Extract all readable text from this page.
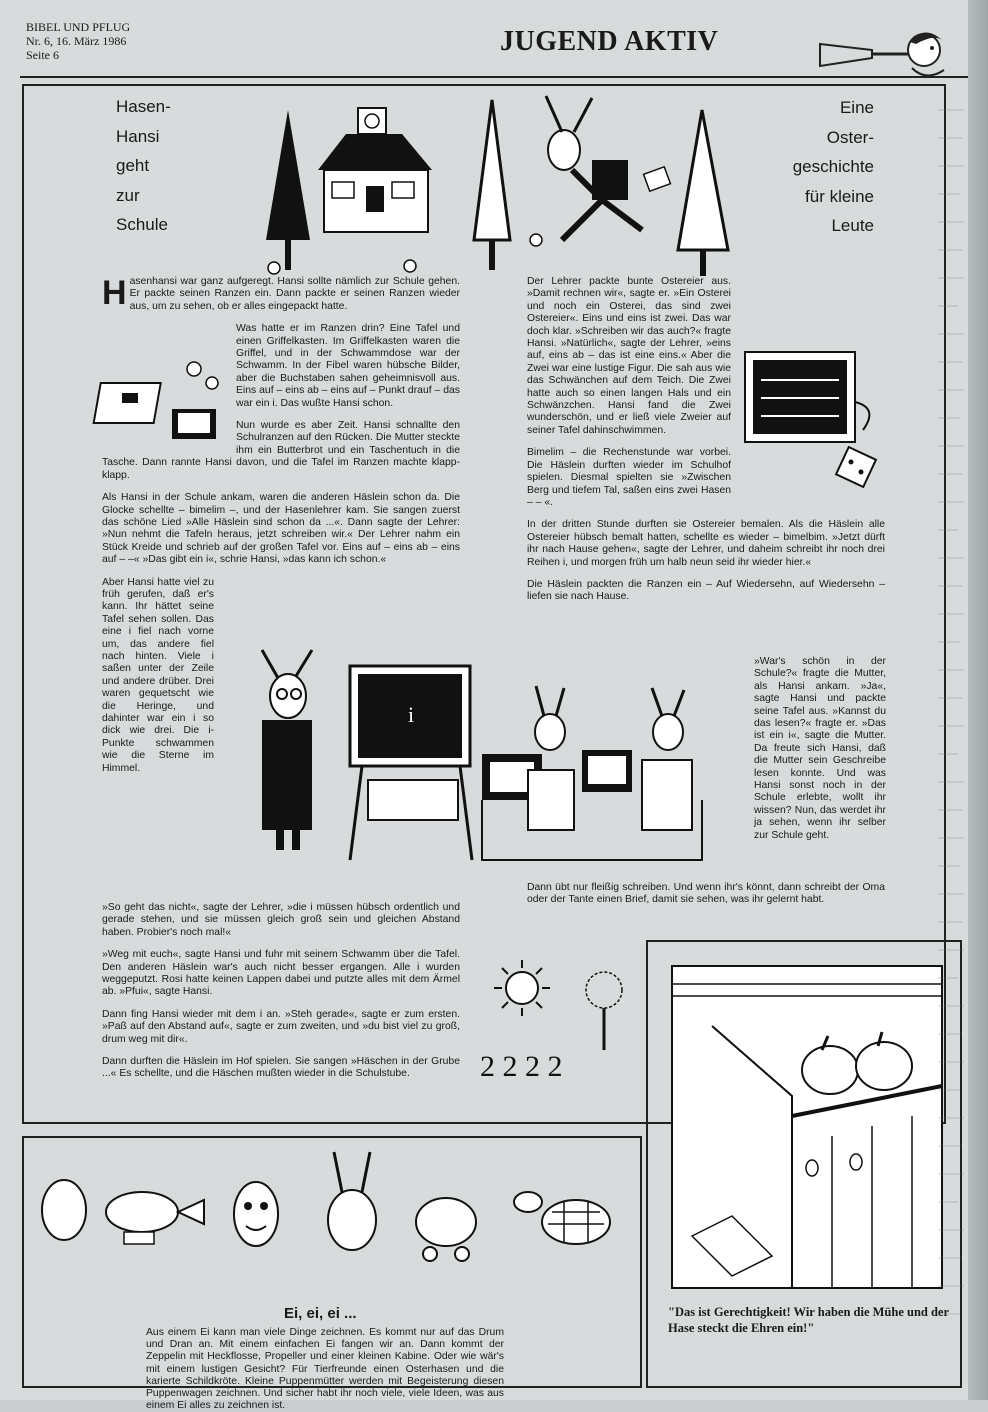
BIBEL UND PFLUG
Nr. 6, 16. März 1986
Seite 6	JUGEND AKTIV
Hasen-
Hansi
geht
zur
Schule
Eine
Oster-
geschichte
für kleine
Leute

Hasenhansi war ganz aufgeregt. Hansi sollte nämlich zur Schule gehen. Er packte seinen Ranzen ein. Dann packte er seinen Ranzen wieder aus, um zu sehen, ob er alles eingepackt hatte.

Was hatte er im Ranzen drin? Eine Tafel und einen Griffelkasten. Im Griffelkasten waren die Griffel, und in der Schwammdose war der Schwamm. In der Fibel waren hübsche Bilder, aber die Buchstaben sahen geheimnisvoll aus. Eins auf – eins ab – eins auf – Punkt drauf – das war ein i. Das wußte Hansi schon.

Nun wurde es aber Zeit. Hansi schnallte den Schulranzen auf den Rücken. Die Mutter steckte ihm ein Butterbrot und ein Taschentuch in die Tasche. Dann rannte Hansi davon, und die Tafel im Ranzen machte klapp-klapp.

Als Hansi in der Schule ankam, waren die anderen Häslein schon da. Die Glocke schellte – bimelim –, und der Hasenlehrer kam. Sie sangen zuerst das schöne Lied »Alle Häslein sind schon da ...«. Dann sagte der Lehrer: »Nun nehmt die Tafeln heraus, jetzt schreiben wir.« Der Lehrer nahm ein Stück Kreide und schrieb auf der großen Tafel vor. Eins auf – eins ab – eins auf – –« »Das gibt ein i«, schrie Hansi, »das kann ich schon.«

Aber Hansi hatte viel zu früh gerufen, daß er's kann. Ihr hättet seine Tafel sehen sollen. Das eine i fiel nach vorne um, das andere fiel nach hinten. Viele i saßen unter der Zeile und andere drüber. Drei waren gequetscht wie die Heringe, und dahinter war ein i so dick wie drei. Die i-Punkte schwammen wie die Sterne im Himmel.

»So geht das nicht«, sagte der Lehrer, »die i müssen hübsch ordentlich und gerade stehen, und sie müssen gleich groß sein und gleichen Abstand haben. Probier's noch mal!«

»Weg mit euch«, sagte Hansi und fuhr mit seinem Schwamm über die Tafel. Den anderen Häslein war's auch nicht besser ergangen. Alle i wurden weggeputzt. Rosi hatte keinen Lappen dabei und putzte alles mit dem Ärmel ab. »Pfui«, sagte Hansi.

Dann fing Hansi wieder mit dem i an. »Steh gerade«, sagte er zum ersten. »Paß auf den Abstand auf«, sagte er zum zweiten, und »du bist viel zu groß, drum weg mit dir«.

Dann durften die Häslein im Hof spielen. Sie sangen »Häschen in der Grube ...« Es schellte, und die Häschen mußten wieder in die Schulstube.

i

Der Lehrer packte bunte Ostereier aus. »Damit rechnen wir«, sagte er. »Ein Osterei und noch ein Osterei, das sind zwei Ostereier«. Eins und eins ist zwei. Das war doch klar. »Schreiben wir das auch?« fragte Hansi. »Natürlich«, sagte der Lehrer, »eins auf, eins ab – das ist eine eins.« Aber die Zwei war eine lustige Figur. Die sah aus wie das Schwänchen auf dem Teich. Die Zwei hatte auch so einen langen Hals und ein Schwänzchen. Hansi fand die Zwei wunderschön, und er ließ viele Zweier auf seiner Tafel dahinschwimmen.

Bimelim – die Rechenstunde war vorbei. Die Häslein durften wieder im Schulhof spielen. Diesmal spielten sie »Zwischen Berg und tiefem Tal, saßen eins zwei Hasen – – «.

In der dritten Stunde durften sie Ostereier bemalen. Als die Häslein alle Ostereier hübsch bemalt hatten, schellte es wieder – bimelbim. »Jetzt dürft ihr nach Hause gehen«, sagte der Lehrer, und daheim schreibt ihr noch drei Reihen i, und morgen früh um halb neun seid ihr wieder hier.«

Die Häslein packten die Ranzen ein – Auf Wiedersehn, auf Wiedersehn – liefen sie nach Hause.

»War's schön in der Schule?« fragte die Mutter, als Hansi ankam. »Ja«, sagte Hansi und packte seine Tafel aus. »Kannst du das lesen?« fragte er. »Das ist ein i«, sagte die Mutter. Da freute sich Hansi, daß die Mutter sein Geschreibe lesen konnte. Und was Hansi sonst noch in der Schule erlebte, wollt ihr wissen? Nun, das werdet ihr ja sehen, wenn ihr selber zur Schule geht.

Dann übt nur fleißig schreiben. Und wenn ihr's könnt, dann schreibt der Oma oder der Tante einen Brief, damit sie sehen, was ihr gelernt habt.

2 2 2 2
Ei, ei, ei ...
Aus einem Ei kann man viele Dinge zeichnen. Es kommt nur auf das Drum und Dran an. Mit einem einfachen Ei fangen wir an. Dann kommt der Zeppelin mit Heckflosse, Propeller und einer kleinen Kabine. Oder wie wär's mit einem lustigen Gesicht? Für Tierfreunde einen Osterhasen und die karierte Schildkröte. Kleine Puppenmütter werden mit Begeisterung diesen Puppenwagen zeichnen. Und sicher habt ihr noch viele, viele Ideen, was aus einem Ei alles zu zeichnen ist.
"Das ist Gerechtigkeit! Wir haben die Mühe und der Hase steckt die Ehren ein!"
